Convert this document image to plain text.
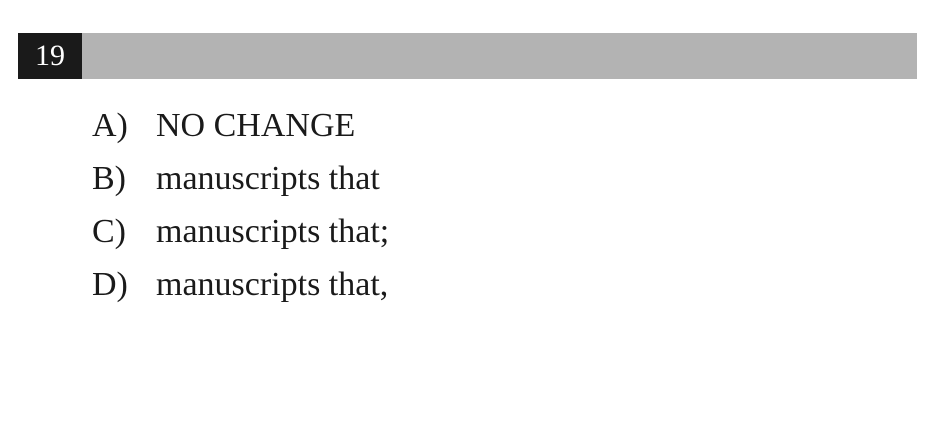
19
A) NO CHANGE
B) manuscripts that
C) manuscripts that;
D) manuscripts that,
